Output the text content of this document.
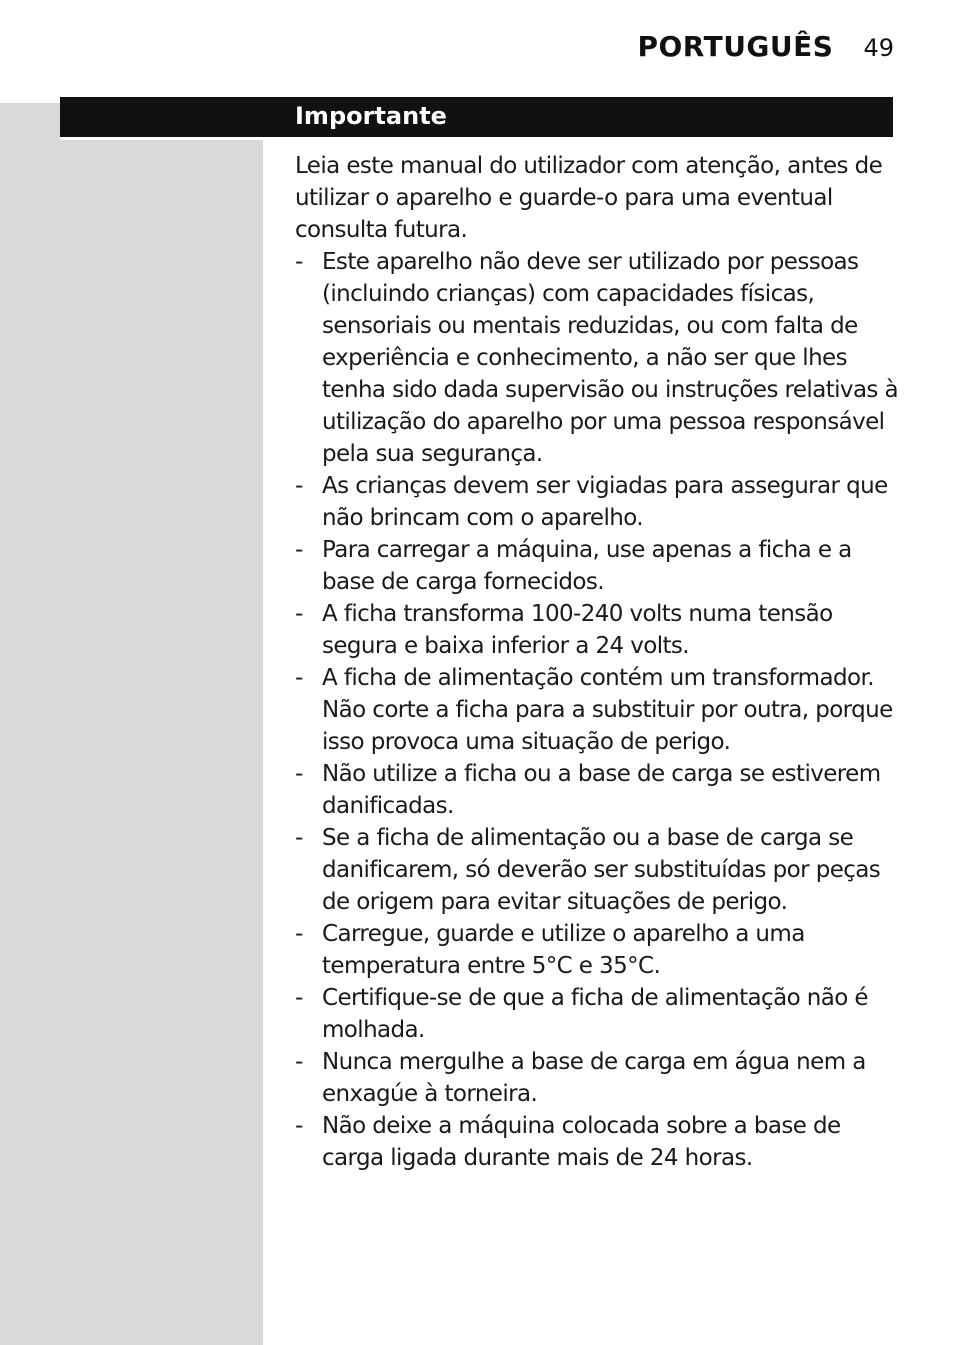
PORTUGUÊS 49
Importante

Leia este manual do utilizador com atenção, antes de utilizar o aparelho e guarde-o para uma eventual consulta futura.

- Este aparelho não deve ser utilizado por pessoas (incluindo crianças) com capacidades físicas, sensoriais ou mentais reduzidas, ou com falta de experiência e conhecimento, a não ser que lhes tenha sido dada supervisão ou instruções relativas à utilização do aparelho por uma pessoa responsável pela sua segurança.
- As crianças devem ser vigiadas para assegurar que não brincam com o aparelho.
- Para carregar a máquina, use apenas a ficha e a base de carga fornecidos.
- A ficha transforma 100-240 volts numa tensão segura e baixa inferior a 24 volts.
- A ficha de alimentação contém um transformador. Não corte a ficha para a substituir por outra, porque isso provoca uma situação de perigo.
- Não utilize a ficha ou a base de carga se estiverem danificadas.
- Se a ficha de alimentação ou a base de carga se danificarem, só deverão ser substituídas por peças de origem para evitar situações de perigo.
- Carregue, guarde e utilize o aparelho a uma temperatura entre 5°C e 35°C.
- Certifique-se de que a ficha de alimentação não é molhada.
- Nunca mergulhe a base de carga em água nem a enxagúe à torneira.
- Não deixe a máquina colocada sobre a base de carga ligada durante mais de 24 horas.
